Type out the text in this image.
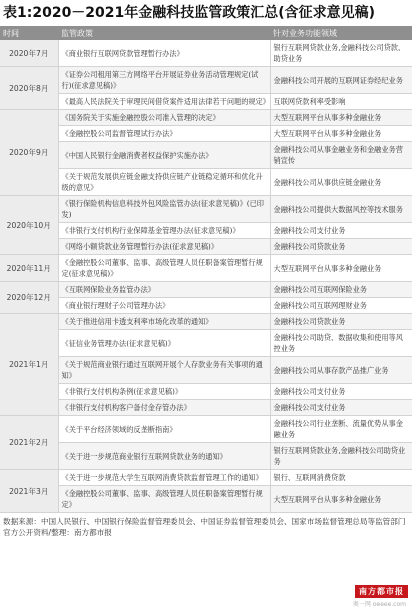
表1:2020－2021年金融科技监管政策汇总(含征求意见稿)
时间	监管政策	针对业务功能领域
2020年7月	《商业银行互联网贷款管理暂行办法》	银行互联网贷款业务,金融科技公司贷款、助贷业务
2020年8月	《证券公司租用第三方网络平台开展证券业务活动管理规定(试行)(征求意见稿)》	金融科技公司开展的互联网证券经纪业务
	《最高人民法院关于审理民间借贷案件适用法律若干问题的规定》	互联网贷款利率受影响
2020年9月	《国务院关于实施金融控股公司准入管理的决定》	大型互联网平台从事多种金融业务
	《金融控股公司监督管理试行办法》	大型互联网平台从事多种金融业务
	《中国人民银行金融消费者权益保护实施办法》	金融科技公司从事金融业务和金融业务营销宣传
	《关于规范发展供应链金融支持供应链产业链稳定循环和优化升级的意见》	金融科技公司从事供应链金融业务
2020年10月	《银行保险机构信息科技外包风险监管办法(征求意见稿)》(已印发)	金融科技公司提供大数据风控等技术服务
	《非银行支付机构行业保障基金管理办法(征求意见稿)》	金融科技公司支付业务
	《网络小额贷款业务管理暂行办法(征求意见稿)》	金融科技公司贷款业务
2020年11月	《金融控股公司董事、监事、高级管理人员任职备案管理暂行规定(征求意见稿)》	大型互联网平台从事多种金融业务
2020年12月	《互联网保险业务监管办法》	金融科技公司互联网保险业务
	《商业银行理财子公司管理办法》	金融科技公司互联网理财业务
2021年1月	《关于推进信用卡透支利率市场化改革的通知》	金融科技公司贷款业务
	《征信业务管理办法(征求意见稿)》	金融科技公司助贷、数据收集和使用等风控业务
	《关于规范商业银行通过互联网开展个人存款业务有关事项的通知》	金融科技公司从事存款产品推广业务
	《非银行支付机构条例(征求意见稿)》	金融科技公司支付业务
	《非银行支付机构客户备付金存管办法》	金融科技公司支付业务
2021年2月	《关于平台经济领域的反垄断指南》	金融科技公司行业垄断、流量优势从事金融业务
	《关于进一步规范商业银行互联网贷款业务的通知》	银行互联网贷款业务,金融科技公司助贷业务
2021年3月	《关于进一步规范大学生互联网消费贷款监督管理工作的通知》	银行、互联网消费贷款
	《金融控股公司董事、监事、高级管理人员任职备案管理暂行规定》	大型互联网平台从事多种金融业务
数据来源：中国人民银行、中国银行保险监督管理委员会、中国证券监督管理委员会、国家市场监督管理总局等监管部门官方公开资料/整理：南方都市报
南方都市报
奥一网 oeeee.com
